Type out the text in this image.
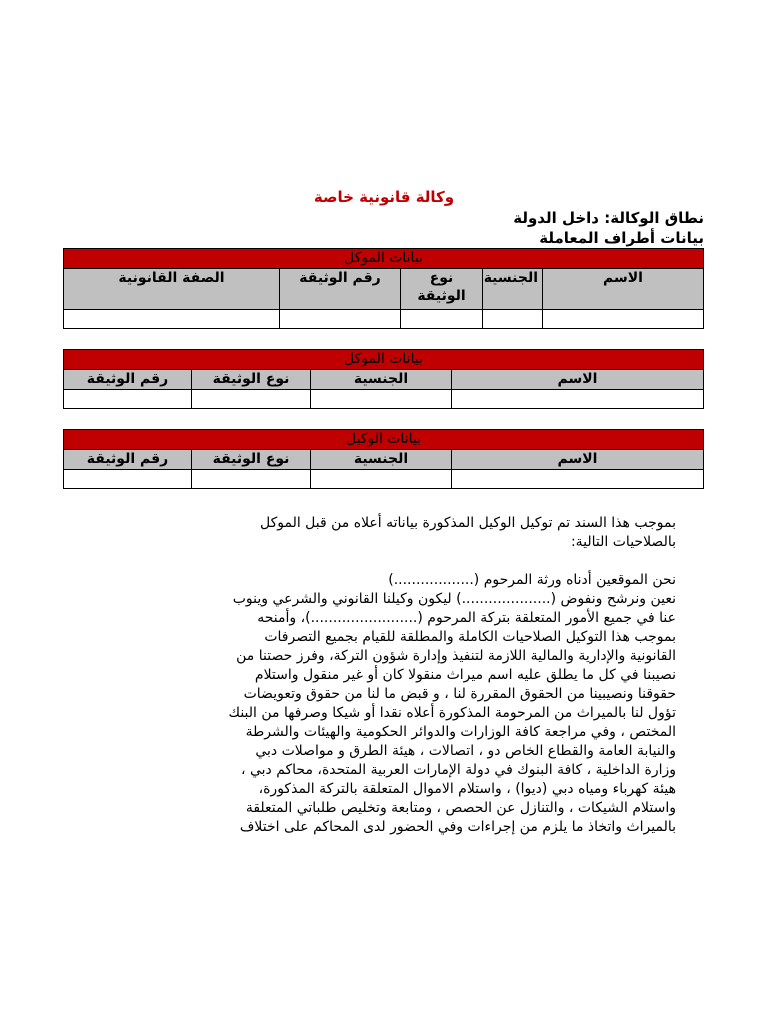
وكالة قانونية خاصة

نطاق الوكالة: داخل الدولة

بيانات أطراف المعاملة

بيانات الموكل				
الاسم	الجنسية	نوع الوثيقة	رقم الوثيقة	الصفة القانونية

بيانات الموكل			
الاسم	الجنسية	نوع الوثيقة	رقم الوثيقة

بيانات الوكيل			
الاسم	الجنسية	نوع الوثيقة	رقم الوثيقة

بموجب هذا السند تم توكيل الوكيل المذكورة بياناته أعلاه من قبل الموكل

بالصلاحيات التالية:

نحن الموقعين أدناه ورثة المرحوم (..................)

نعين ونرشح ونفوض (....................) ليكون وكيلنا القانوني والشرعي وينوب

عنا في جميع الأمور المتعلقة بتركة المرحوم (........................)، وأمنحه

بموجب هذا التوكيل الصلاحيات الكاملة والمطلقة للقيام بجميع التصرفات

القانونية والإدارية والمالية اللازمة لتنفيذ وإدارة شؤون التركة، وفرز حصتنا من

نصيبنا في كل ما يطلق عليه اسم ميراث منقولا كان أو غير منقول واستلام

حقوقنا ونصيبينا من الحقوق المقررة لنا ، و قبض ما لنا من حقوق وتعويضات

تؤول لنا بالميراث من المرحومة المذكورة أعلاه نقدا أو شيكا وصرفها من البنك

المختص ، وفي مراجعة كافة الوزارات والدوائر الحكومية والهيئات والشرطة

والنيابة العامة والقطاع الخاص دو ، اتصالات ، هيئة الطرق و مواصلات دبي

وزارة الداخلية ، كافة البنوك في دولة الإمارات العربية المتحدة، محاكم دبي ،

هيئة كهرباء ومياه دبي (ديوا) ، واستلام الاموال المتعلقة بالتركة المذكورة،

واستلام الشيكات ، والتنازل عن الحصص ، ومتابعة وتخليص طلباتي المتعلقة

بالميراث واتخاذ ما يلزم من إجراءات وفي الحضور لدى المحاكم على اختلاف
